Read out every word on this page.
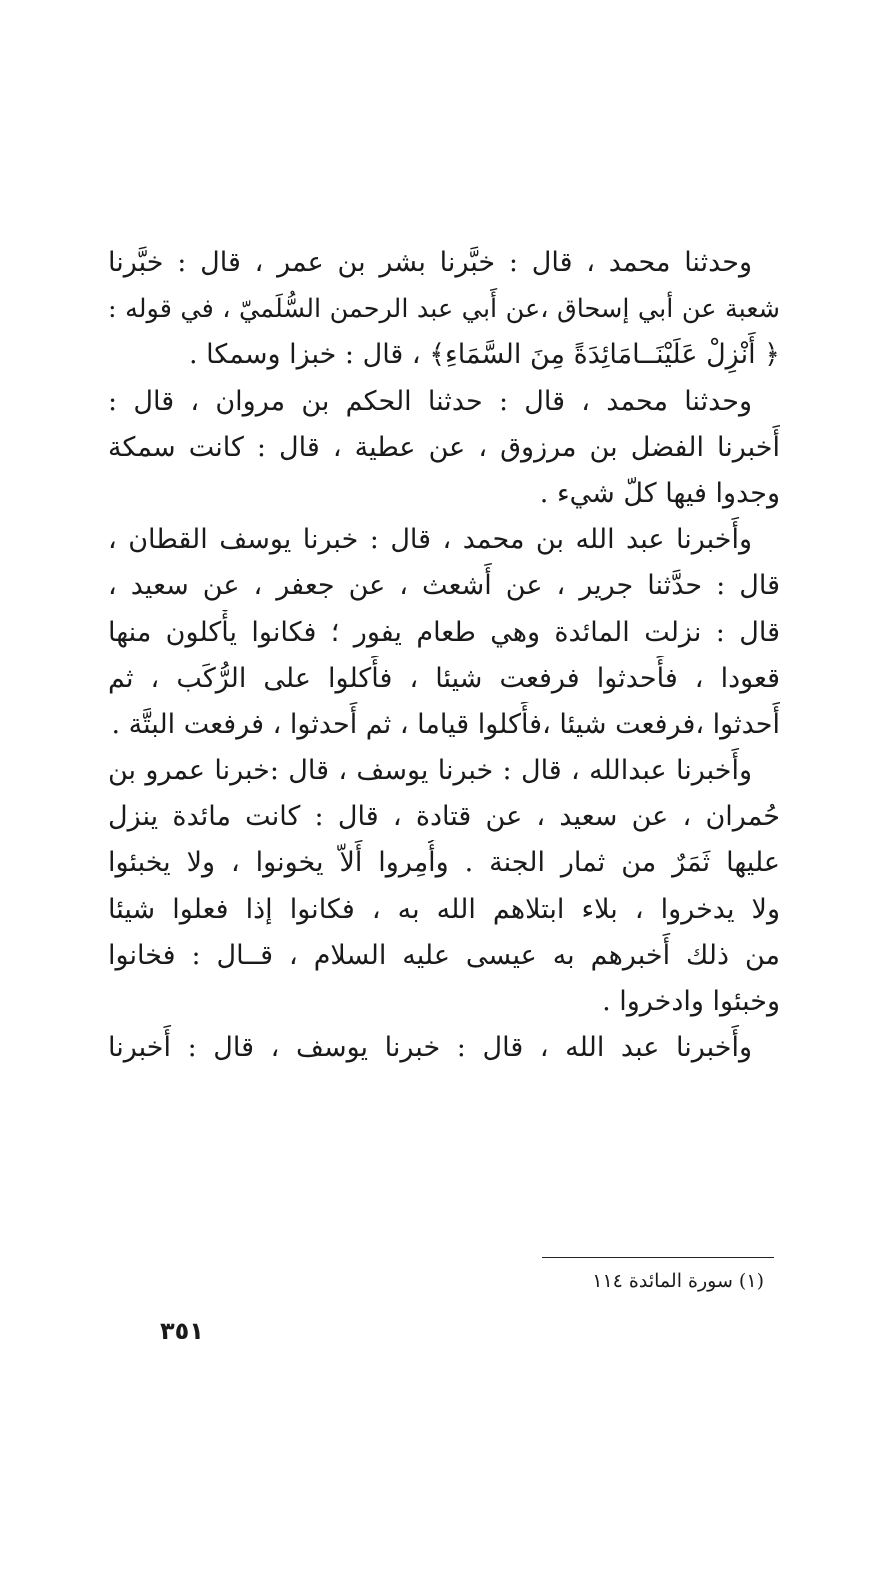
وحدثنا محمد ، قال : خبَّرنا بشر بن عمر ، قال : خبَّرنا
شعبة عن أبي إسحاق ،عن أَبي عبد الرحمن السُّلَميّ ، في قوله :
﴿ أَنْزِلْ عَلَيْنَــامَائِدَةً مِنَ السَّمَاءِ﴾ ، قال : خبزا وسمكا .
وحدثنا محمد ، قال : حدثنا الحكم بن مروان ، قال :
أَخبرنا الفضل بن مرزوق ، عن عطية ، قال : كانت سمكة
وجدوا فيها كلّ شيء .
وأَخبرنا عبد الله بن محمد ، قال : خبرنا يوسف القطان ،
قال : حدَّثنا جرير ، عن أَشعث ، عن جعفر ، عن سعيد ،
قال : نزلت المائدة وهي طعام يفور ؛ فكانوا يأْكلون منها
قعودا ، فأَحدثوا فرفعت شيئا ، فأَكلوا على الرُّكَب ، ثم
أَحدثوا ،فرفعت شيئا ،فأَكلوا قياما ، ثم أَحدثوا ، فرفعت البتَّة .
وأَخبرنا عبدالله ، قال : خبرنا يوسف ، قال :خبرنا عمرو بن
حُمران ، عن سعيد ، عن قتادة ، قال : كانت مائدة ينزل
عليها ثَمَرٌ من ثمار الجنة . وأُمِروا أَلاّ يخونوا ، ولا يخبئوا
ولا يدخروا ، بلاء ابتلاهم الله به ، فكانوا إذا فعلوا شيئا
من ذلك أَخبرهم به عيسى عليه السلام ، قــال : فخانوا
وخبئوا وادخروا .
وأَخبرنا عبد الله ، قال : خبرنا يوسف ، قال : أَخبرنا
(١) سورة المائدة ١١٤
٣٥١
